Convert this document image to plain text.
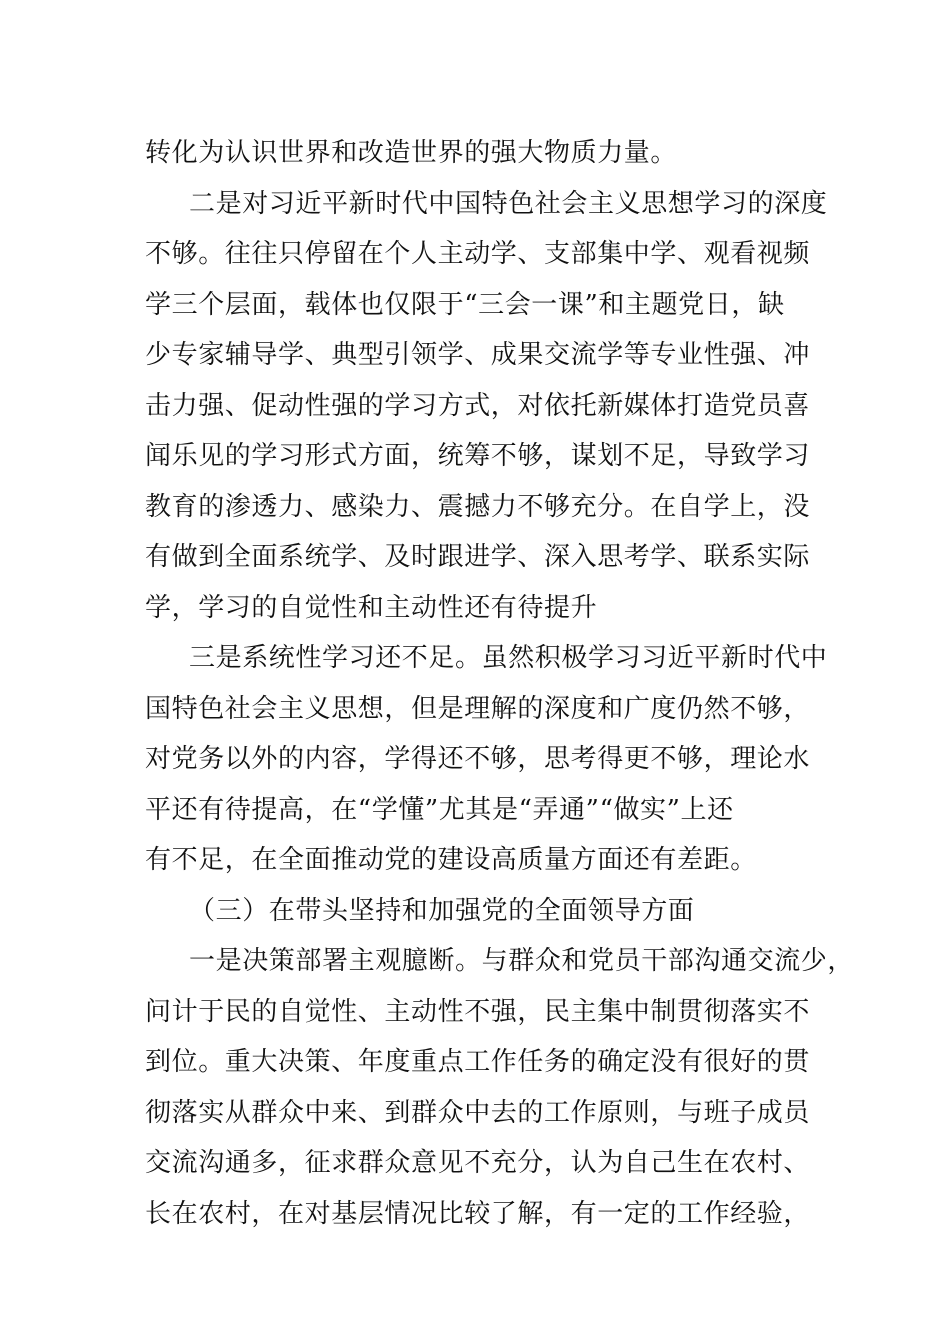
转化为认识世界和改造世界的强大物质力量。
二是对习近平新时代中国特色社会主义思想学习的深度
不够。往往只停留在个人主动学、支部集中学、观看视频
学三个层面，载体也仅限于“三会一课”和主题党日，缺
少专家辅导学、典型引领学、成果交流学等专业性强、冲
击力强、促动性强的学习方式，对依托新媒体打造党员喜
闻乐见的学习形式方面，统筹不够，谋划不足，导致学习
教育的渗透力、感染力、震撼力不够充分。在自学上，没
有做到全面系统学、及时跟进学、深入思考学、联系实际
学，学习的自觉性和主动性还有待提升
三是系统性学习还不足。虽然积极学习习近平新时代中
国特色社会主义思想，但是理解的深度和广度仍然不够，
对党务以外的内容，学得还不够，思考得更不够，理论水
平还有待提高，在“学懂”尤其是“弄通”“做实”上还
有不足，在全面推动党的建设高质量方面还有差距。
（三）在带头坚持和加强党的全面领导方面
一是决策部署主观臆断。与群众和党员干部沟通交流少，
问计于民的自觉性、主动性不强，民主集中制贯彻落实不
到位。重大决策、年度重点工作任务的确定没有很好的贯
彻落实从群众中来、到群众中去的工作原则，与班子成员
交流沟通多，征求群众意见不充分，认为自己生在农村、
长在农村，在对基层情况比较了解，有一定的工作经验，
